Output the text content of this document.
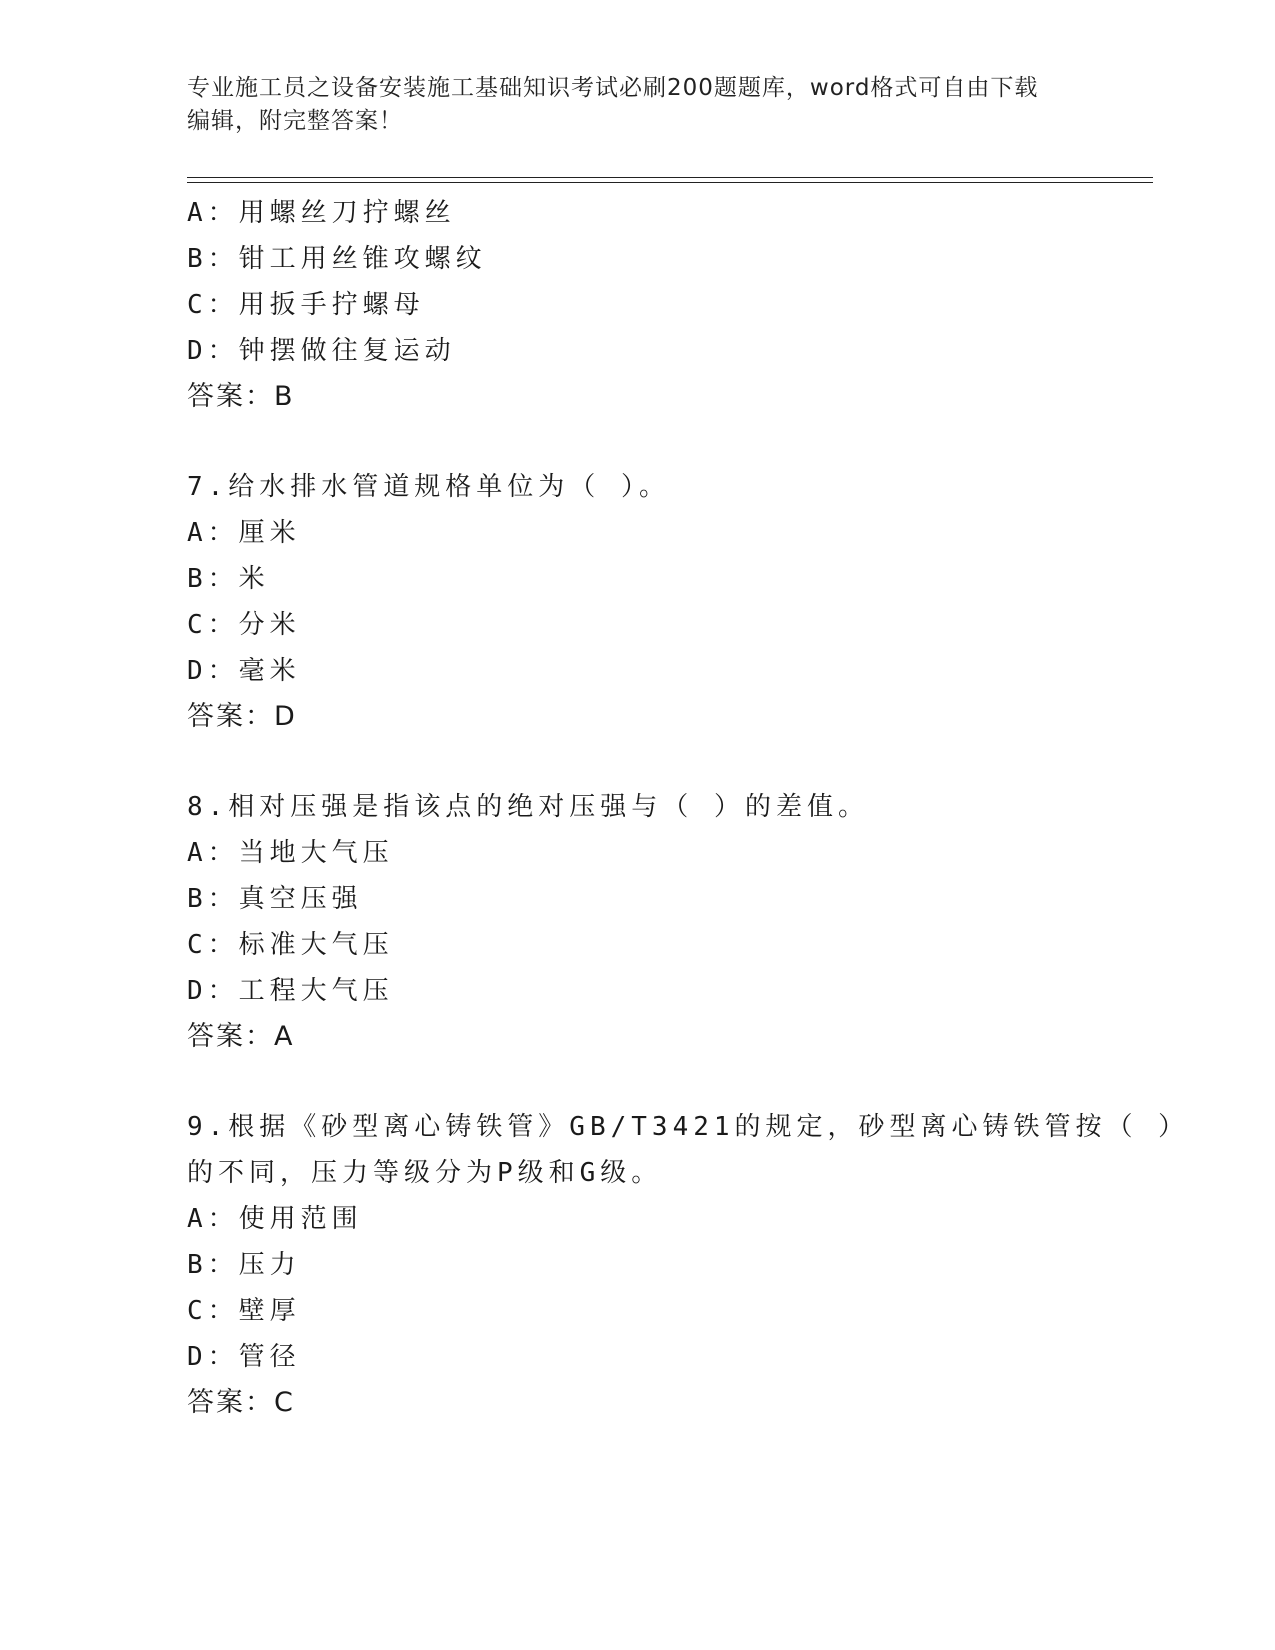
专业施工员之设备安装施工基础知识考试必刷200题题库，word格式可自由下载
编辑，附完整答案！
A：用螺丝刀拧螺丝
B：钳工用丝锥攻螺纹
C：用扳手拧螺母
D：钟摆做往复运动
答案：B
7.给水排水管道规格单位为（ ）。
A：厘米
B：米
C：分米
D：毫米
答案：D
8.相对压强是指该点的绝对压强与（ ）的差值。
A：当地大气压
B：真空压强
C：标准大气压
D：工程大气压
答案：A
9.根据《砂型离心铸铁管》GB/T3421的规定，砂型离心铸铁管按（ ）
的不同，压力等级分为P级和G级。
A：使用范围
B：压力
C：壁厚
D：管径
答案：C
